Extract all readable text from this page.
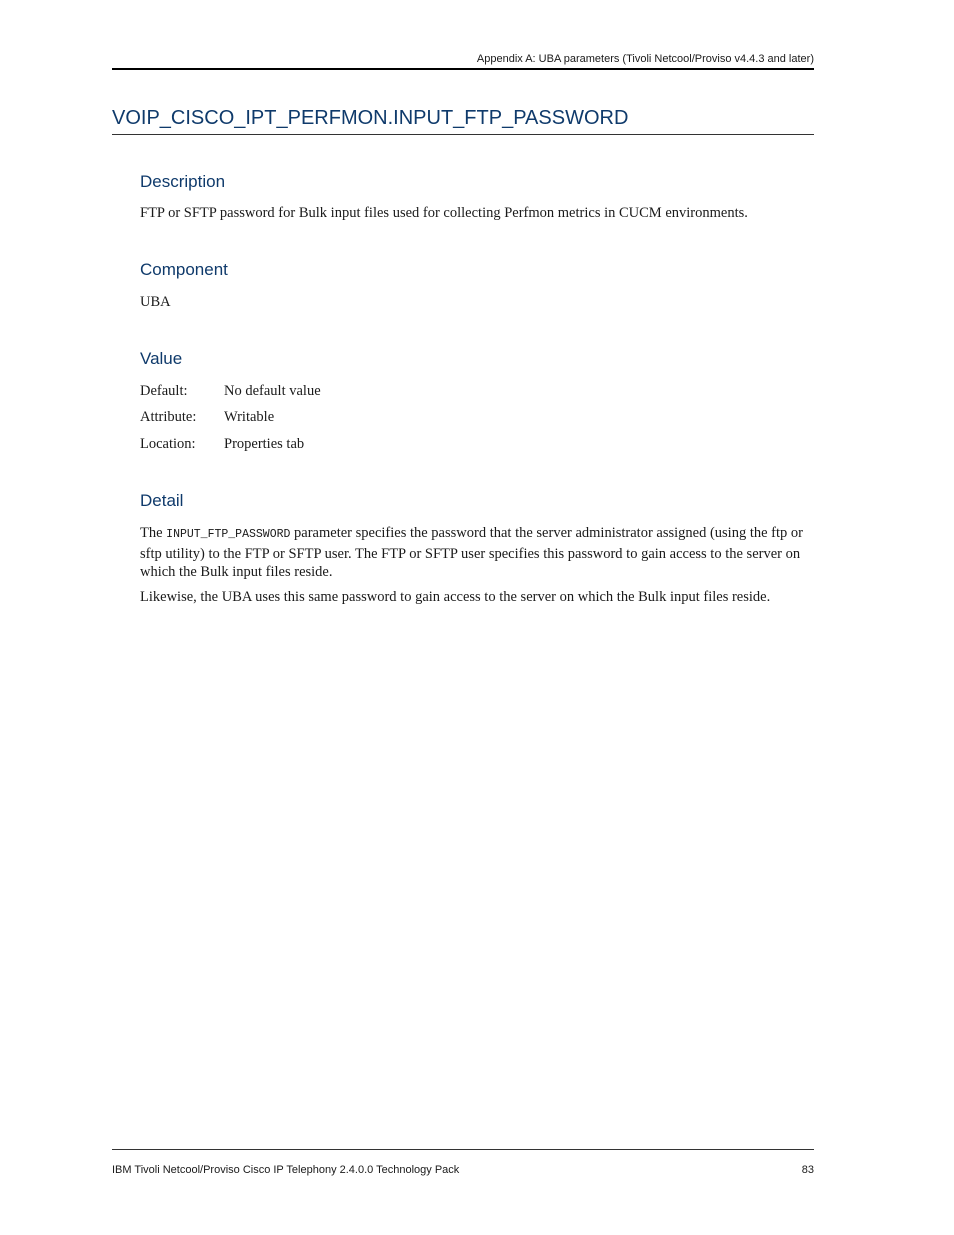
Appendix A: UBA parameters (Tivoli Netcool/Proviso v4.4.3 and later)
VOIP_CISCO_IPT_PERFMON.INPUT_FTP_PASSWORD
Description

FTP or SFTP password for Bulk input files used for collecting Perfmon metrics in CUCM environments.

Component

UBA

Value
Default:	No default value
Attribute: Writable
Location: Properties tab
Detail

The INPUT_FTP_PASSWORD parameter specifies the password that the server administrator assigned (using the ftp or sftp utility) to the FTP or SFTP user. The FTP or SFTP user specifies this password to gain access to the server on which the Bulk input files reside.

Likewise, the UBA uses this same password to gain access to the server on which the Bulk input files reside.

IBM Tivoli Netcool/Proviso Cisco IP Telephony 2.4.0.0 Technology Pack	83
